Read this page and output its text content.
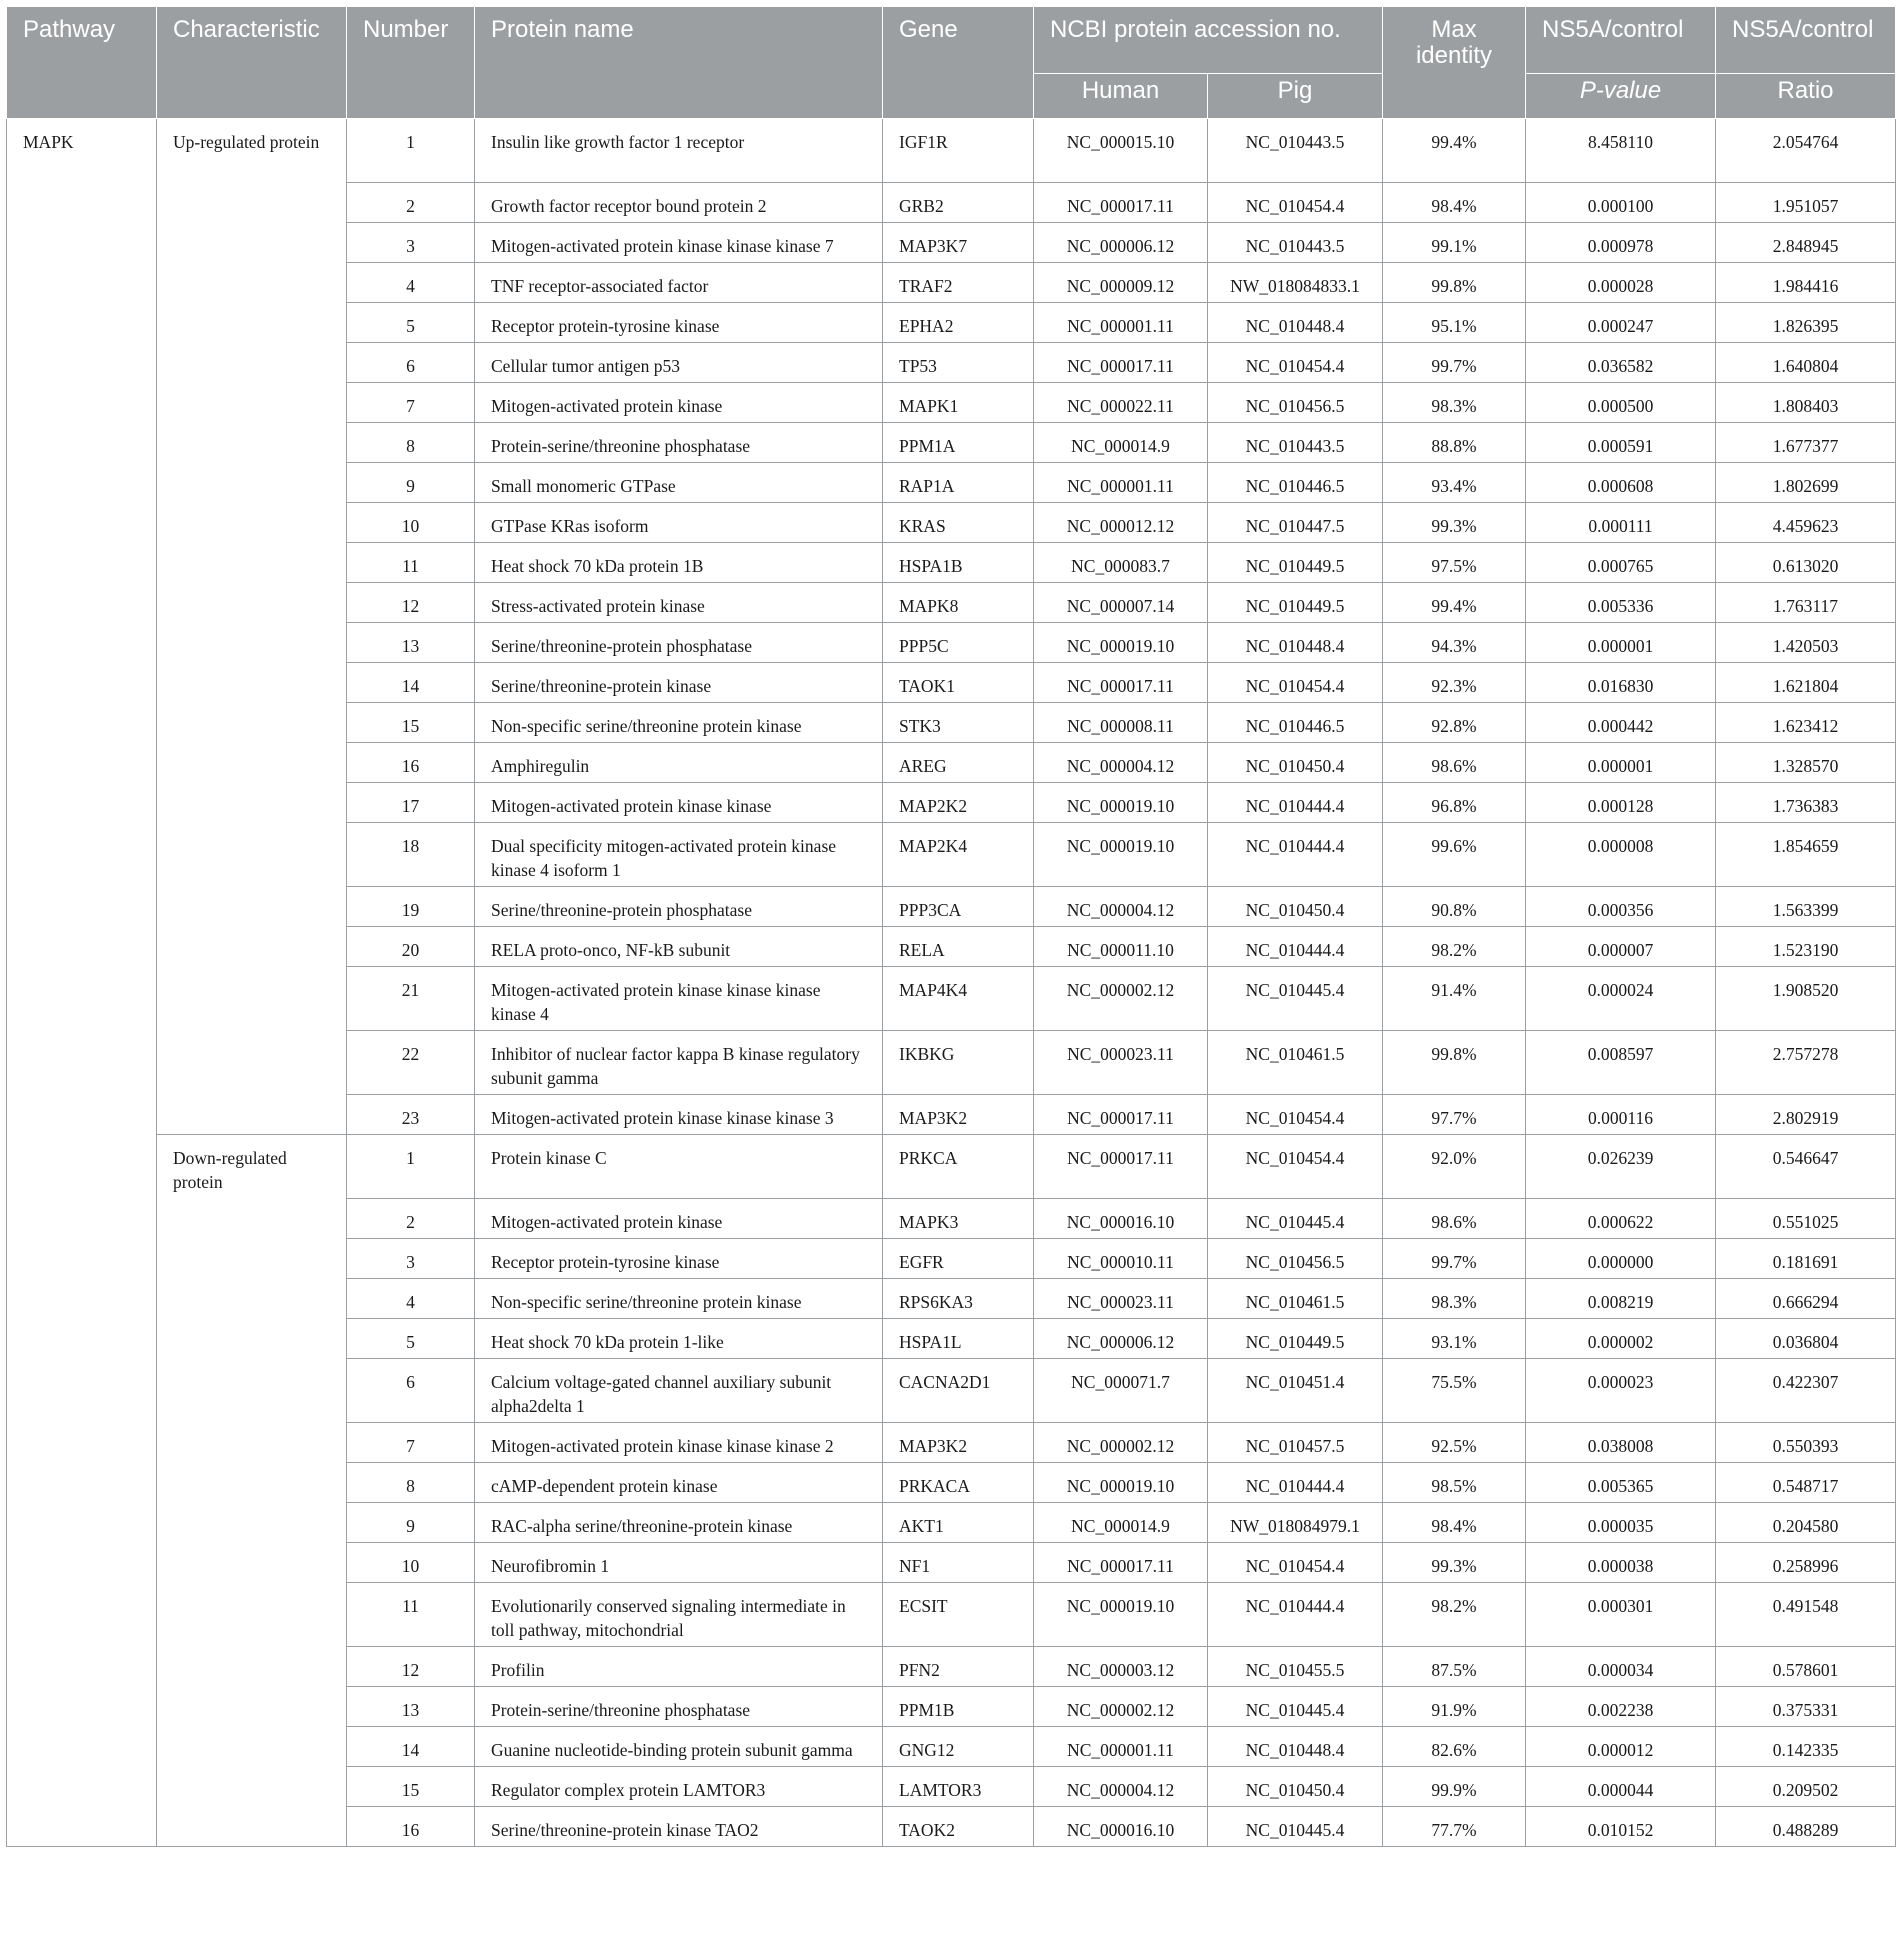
Pathway	Characteristic	Number	Protein name	Gene	NCBI protein accession no.		Max identity	NS5A/control	NS5A/control
					Human	Pig		P-value	Ratio
MAPK	Up-regulated protein	1	Insulin like growth factor 1 receptor	IGF1R	NC_000015.10	NC_010443.5	99.4%	8.458110	2.054764
		2	Growth factor receptor bound protein 2	GRB2	NC_000017.11	NC_010454.4	98.4%	0.000100	1.951057
		3	Mitogen-activated protein kinase kinase kinase 7	MAP3K7	NC_000006.12	NC_010443.5	99.1%	0.000978	2.848945
		4	TNF receptor-associated factor	TRAF2	NC_000009.12	NW_018084833.1	99.8%	0.000028	1.984416
		5	Receptor protein-tyrosine kinase	EPHA2	NC_000001.11	NC_010448.4	95.1%	0.000247	1.826395
		6	Cellular tumor antigen p53	TP53	NC_000017.11	NC_010454.4	99.7%	0.036582	1.640804
		7	Mitogen-activated protein kinase	MAPK1	NC_000022.11	NC_010456.5	98.3%	0.000500	1.808403
		8	Protein-serine/threonine phosphatase	PPM1A	NC_000014.9	NC_010443.5	88.8%	0.000591	1.677377
		9	Small monomeric GTPase	RAP1A	NC_000001.11	NC_010446.5	93.4%	0.000608	1.802699
		10	GTPase KRas isoform	KRAS	NC_000012.12	NC_010447.5	99.3%	0.000111	4.459623
		11	Heat shock 70 kDa protein 1B	HSPA1B	NC_000083.7	NC_010449.5	97.5%	0.000765	0.613020
		12	Stress-activated protein kinase	MAPK8	NC_000007.14	NC_010449.5	99.4%	0.005336	1.763117
		13	Serine/threonine-protein phosphatase	PPP5C	NC_000019.10	NC_010448.4	94.3%	0.000001	1.420503
		14	Serine/threonine-protein kinase	TAOK1	NC_000017.11	NC_010454.4	92.3%	0.016830	1.621804
		15	Non-specific serine/threonine protein kinase	STK3	NC_000008.11	NC_010446.5	92.8%	0.000442	1.623412
		16	Amphiregulin	AREG	NC_000004.12	NC_010450.4	98.6%	0.000001	1.328570
		17	Mitogen-activated protein kinase kinase	MAP2K2	NC_000019.10	NC_010444.4	96.8%	0.000128	1.736383
		18	Dual specificity mitogen-activated protein kinase kinase 4 isoform 1	MAP2K4	NC_000019.10	NC_010444.4	99.6%	0.000008	1.854659
		19	Serine/threonine-protein phosphatase	PPP3CA	NC_000004.12	NC_010450.4	90.8%	0.000356	1.563399
		20	RELA proto-onco, NF-kB subunit	RELA	NC_000011.10	NC_010444.4	98.2%	0.000007	1.523190
		21	Mitogen-activated protein kinase kinase kinase kinase 4	MAP4K4	NC_000002.12	NC_010445.4	91.4%	0.000024	1.908520
		22	Inhibitor of nuclear factor kappa B kinase regulatory subunit gamma	IKBKG	NC_000023.11	NC_010461.5	99.8%	0.008597	2.757278
		23	Mitogen-activated protein kinase kinase kinase 3	MAP3K2	NC_000017.11	NC_010454.4	97.7%	0.000116	2.802919
	Down-regulated protein	1	Protein kinase C	PRKCA	NC_000017.11	NC_010454.4	92.0%	0.026239	0.546647
		2	Mitogen-activated protein kinase	MAPK3	NC_000016.10	NC_010445.4	98.6%	0.000622	0.551025
		3	Receptor protein-tyrosine kinase	EGFR	NC_000010.11	NC_010456.5	99.7%	0.000000	0.181691
		4	Non-specific serine/threonine protein kinase	RPS6KA3	NC_000023.11	NC_010461.5	98.3%	0.008219	0.666294
		5	Heat shock 70 kDa protein 1-like	HSPA1L	NC_000006.12	NC_010449.5	93.1%	0.000002	0.036804
		6	Calcium voltage-gated channel auxiliary subunit alpha2delta 1	CACNA2D1	NC_000071.7	NC_010451.4	75.5%	0.000023	0.422307
		7	Mitogen-activated protein kinase kinase kinase 2	MAP3K2	NC_000002.12	NC_010457.5	92.5%	0.038008	0.550393
		8	cAMP-dependent protein kinase	PRKACA	NC_000019.10	NC_010444.4	98.5%	0.005365	0.548717
		9	RAC-alpha serine/threonine-protein kinase	AKT1	NC_000014.9	NW_018084979.1	98.4%	0.000035	0.204580
		10	Neurofibromin 1	NF1	NC_000017.11	NC_010454.4	99.3%	0.000038	0.258996
		11	Evolutionarily conserved signaling intermediate in toll pathway, mitochondrial	ECSIT	NC_000019.10	NC_010444.4	98.2%	0.000301	0.491548
		12	Profilin	PFN2	NC_000003.12	NC_010455.5	87.5%	0.000034	0.578601
		13	Protein-serine/threonine phosphatase	PPM1B	NC_000002.12	NC_010445.4	91.9%	0.002238	0.375331
		14	Guanine nucleotide-binding protein subunit gamma	GNG12	NC_000001.11	NC_010448.4	82.6%	0.000012	0.142335
		15	Regulator complex protein LAMTOR3	LAMTOR3	NC_000004.12	NC_010450.4	99.9%	0.000044	0.209502
		16	Serine/threonine-protein kinase TAO2	TAOK2	NC_000016.10	NC_010445.4	77.7%	0.010152	0.488289
